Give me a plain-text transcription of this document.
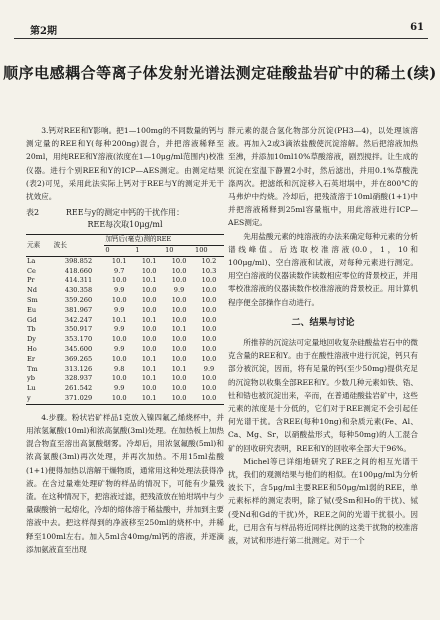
第2期	61
顺序电感耦合等离子体发射光谱法测定硅酸盐岩矿中的稀土(续)

3.钙对REE和Y影响。把1—100mg的不同数量的钙与测定量的REE和Y(每种200ng)混合，并把溶液稀释至20ml，用纯REE和Y溶液(浓度在1—10μg/ml范围内)校准仪器。进行个别REE和Y的ICP—AES测定。由测定结果(表2)可见，采用此法实际上钙对于REE与Y的测定并无干扰效应。

表2	REE与y的测定中钙的干扰作用：
REE每次取10μg/ml
元素	波长	加钙后(毫克)测的REE			
		0	1	10	100
La	398.852	10.1	10.1	10.0	10.2
Ce	418.660	9.7	10.0	10.0	10.3
Pr	414.311	10.0	10.1	10.0	10.0
Nd	430.358	9.9	10.0	9.9	10.0
Sm	359.260	10.0	10.0	10.0	10.0
Eu	381.967	9.9	10.0	10.0	10.0
Gd	342.247	10.1	10.1	10.0	10.0
Tb	350.917	9.9	10.0	10.1	10.0
Dy	353.170	10.0	10.0	10.0	10.0
Ho	345.600	9.9	10.0	10.0	10.0
Er	369.265	10.0	10.1	10.0	10.0
Tm	313.126	9.8	10.1	10.1	9.9
yb	328.937	10.0	10.1	10.0	10.0
Lu	261.542	9.9	10.0	10.0	10.0
y	371.029	10.0	10.1	10.0	10.0

4.步骤。粉状岩矿样品1克放入镍四氟乙烯烧杯中，并用浓氢氟酸(10ml)和浓高氯酸(3ml)处理。在加热板上加热混合物直至溶出高氯酸烟雾。冷却后，用浓氢氟酸(5ml)和浓高氯酸(3ml)再次处理，并再次加热。不用15ml盐酸(1+1)便得加热以溶解干燥物质，通常用这种处理法获得净液。在含过量难处理矿物的样品的情况下，可能有少量残渣。在这种情况下，把溶液过滤，把残渣放在铂坩埚中与少量碳酸钠一起熔化，冷却的熔体溶于稀盐酸中，并加到主要溶液中去。把这样得到的净液移至250ml的烧杯中，并稀释至100ml左右。加入5ml含40mg/ml钙的溶液，并逐滴添加氨液直至出现

胖元素的混合氢化物部分沉淀(PH3—4)，以处理该溶液。再加入2或3滴浓盐酸使沉淀溶解。然后把溶液加热至沸，并添加10ml10%草酸溶液，剧烈搅拌。让生成的沉淀在室温下静置2小时，然后滤出，并用0.1%草酸洗涤两次。把滤纸和沉淀移入石英坩埚中，并在800℃的马弗炉中灼烧。冷却后，把残渣溶于10ml硝酸(1+1)中并把溶液稀释到25ml容量瓶中，用此溶液进行ICP—AES测定。

先用盐酸元素的纯溶液的办法来确定每种元素的分析谱线峰值。后选取校准溶液(0.0，1，10和100μg/ml)、空白溶液和试液，对每种元素进行测定。用空白溶液的仪器读数作读数相应零位的背景校正，并用零校准溶液的仪器读数作校准溶液的背景校正。用计算机程序便全部操作自动进行。

二、结果与讨论

所推荐的沉淀法可定量地回收复杂硅酸盐岩石中的微克含量的REE和Y。由于在酸性溶液中进行沉淀，钙只有部分被沉淀，因而，将有足量的钙(至少50mg)提供充足的沉淀物以收集全部REE和Y。少数几种元素如铁、锆、钍和锆也被沉淀出来，辛而，在普通硅酸盐岩矿中，这些元素的浓度是十分低的，它们对于REE测定不会引起任何光谱干扰。含REE(每种10ng)和杂质元素(Fe、Al、Ca、Mg、Sr，以硝酸盐形式，每种50mg)的人工混合矿的回收研究表明，REE和Y的回收率全部大于96%。

Michel等已详细地研究了REE之间的相互光谱干扰，我们的观测结果与他们的相似。在100μg/ml为分析波长下，含5μg/ml主要REE和50μg/ml弱的REE，单元素标样的测定表明，除了铽(受Sm和Ho的干扰)、铽(受Nd和Gd的干扰)外，REE之间的光谱干扰很小。因此，已用含有与样品将近同样比例的这类干扰物的校准溶液，对试和形进行第二批测定。对于一个
